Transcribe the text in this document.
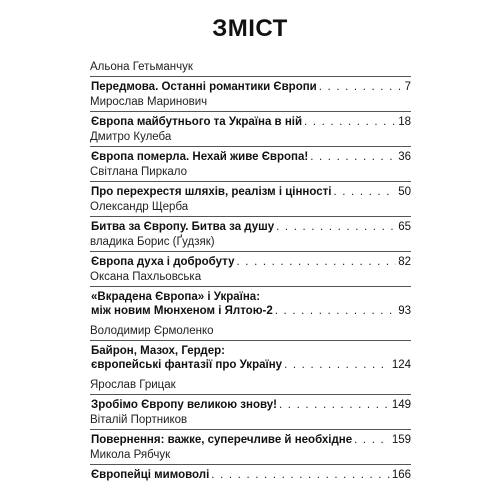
ЗМІСТ
Альона Гетьманчук
Передмова. Останні романтики Європи . . .	7
Мирослав Маринович
Європа майбутнього та Україна в ній . . .	18
Дмитро Кулеба
Європа померла. Нехай живе Європа! . . .	36
Світлана Пиркало
Про перехрестя шляхів, реалізм і цінності . . .	50
Олександр Щерба
Битва за Європу. Битва за душу . . .	65
владика Борис (Ґудзяк)
Європа духа і добробуту . . .	82
Оксана Пахльовська
«Вкрадена Європа» і Україна:
між новим Мюнхеном і Ялтою-2 . . .	93
Володимир Єрмоленко
Байрон, Мазох, Гердер:
європейські фантазії про Україну . . .	124
Ярослав Грицак
Зробімо Європу великою знову! . . .	149
Віталій Портников
Повернення: важке, суперечливе й необхідне . . .	159
Микола Рябчук
Європейці мимоволі . . .	166
